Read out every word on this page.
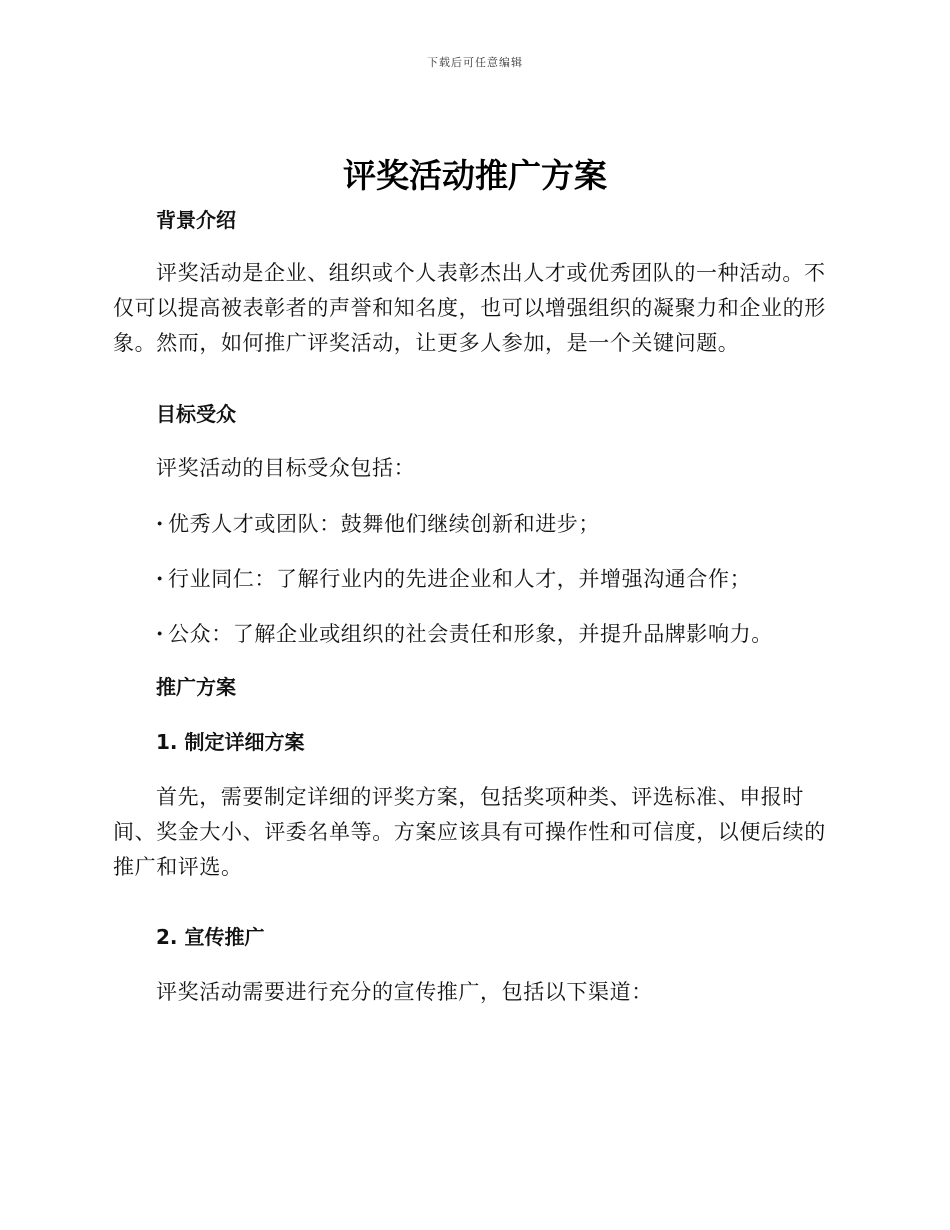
下载后可任意编辑
评奖活动推广方案
背景介绍

评奖活动是企业、组织或个人表彰杰出人才或优秀团队的一种活动。不仅可以提高被表彰者的声誉和知名度，也可以增强组织的凝聚力和企业的形象。然而，如何推广评奖活动，让更多人参加，是一个关键问题。

目标受众

评奖活动的目标受众包括：

· 优秀人才或团队：鼓舞他们继续创新和进步；
· 行业同仁：了解行业内的先进企业和人才，并增强沟通合作；
· 公众：了解企业或组织的社会责任和形象，并提升品牌影响力。
推广方案
1. 制定详细方案

首先，需要制定详细的评奖方案，包括奖项种类、评选标准、申报时间、奖金大小、评委名单等。方案应该具有可操作性和可信度，以便后续的推广和评选。

2. 宣传推广

评奖活动需要进行充分的宣传推广，包括以下渠道：
